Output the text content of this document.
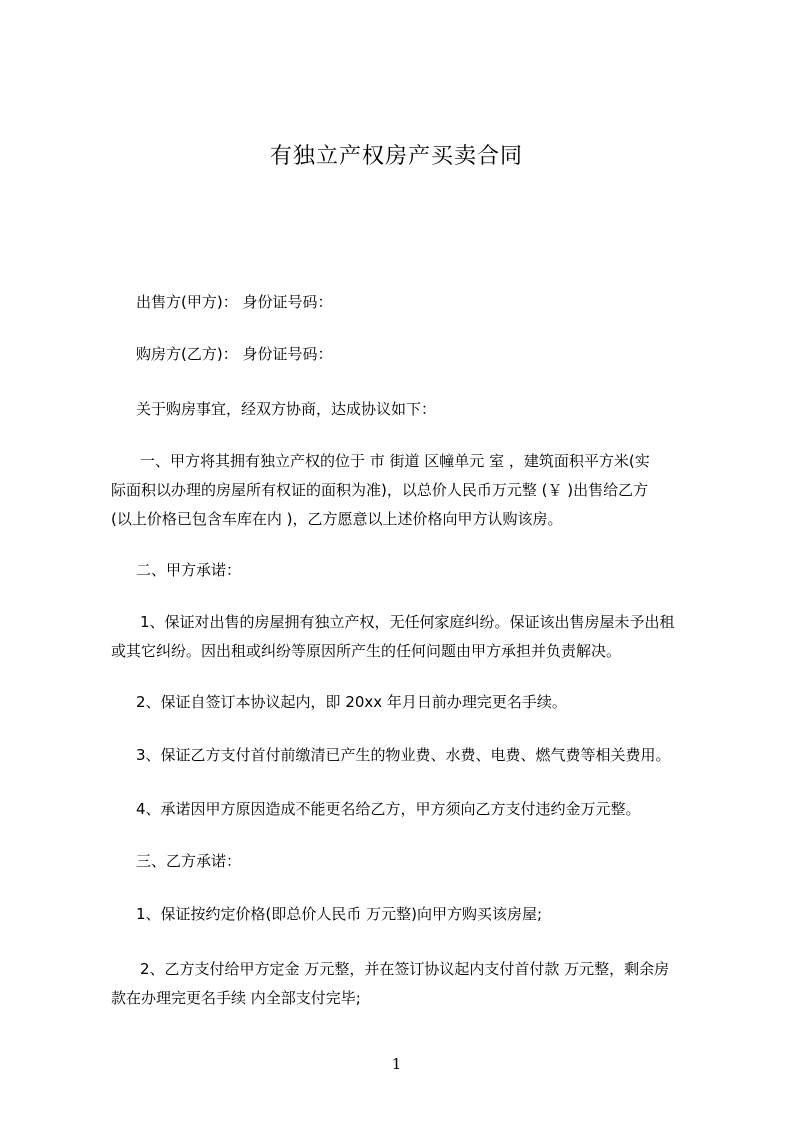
有独立产权房产买卖合同
出售方(甲方)： 身份证号码：
购房方(乙方)： 身份证号码：
关于购房事宜，经双方协商，达成协议如下：
一、甲方将其拥有独立产权的位于 市 街道 区幢单元 室 ，建筑面积平方米(实
际面积以办理的房屋所有权证的面积为准)，以总价人民币万元整 (￥ )出售给乙方
(以上价格已包含车库在内 )，乙方愿意以上述价格向甲方认购该房。
二、甲方承诺：
1、保证对出售的房屋拥有独立产权，无任何家庭纠纷。保证该出售房屋未予出租
或其它纠纷。因出租或纠纷等原因所产生的任何问题由甲方承担并负责解决。
2、保证自签订本协议起内，即 20xx 年月日前办理完更名手续。
3、保证乙方支付首付前缴清已产生的物业费、水费、电费、燃气费等相关费用。
4、承诺因甲方原因造成不能更名给乙方，甲方须向乙方支付违约金万元整。
三、乙方承诺：
1、保证按约定价格(即总价人民币 万元整)向甲方购买该房屋;
2、乙方支付给甲方定金 万元整，并在签订协议起内支付首付款 万元整，剩余房
款在办理完更名手续 内全部支付完毕;
1
